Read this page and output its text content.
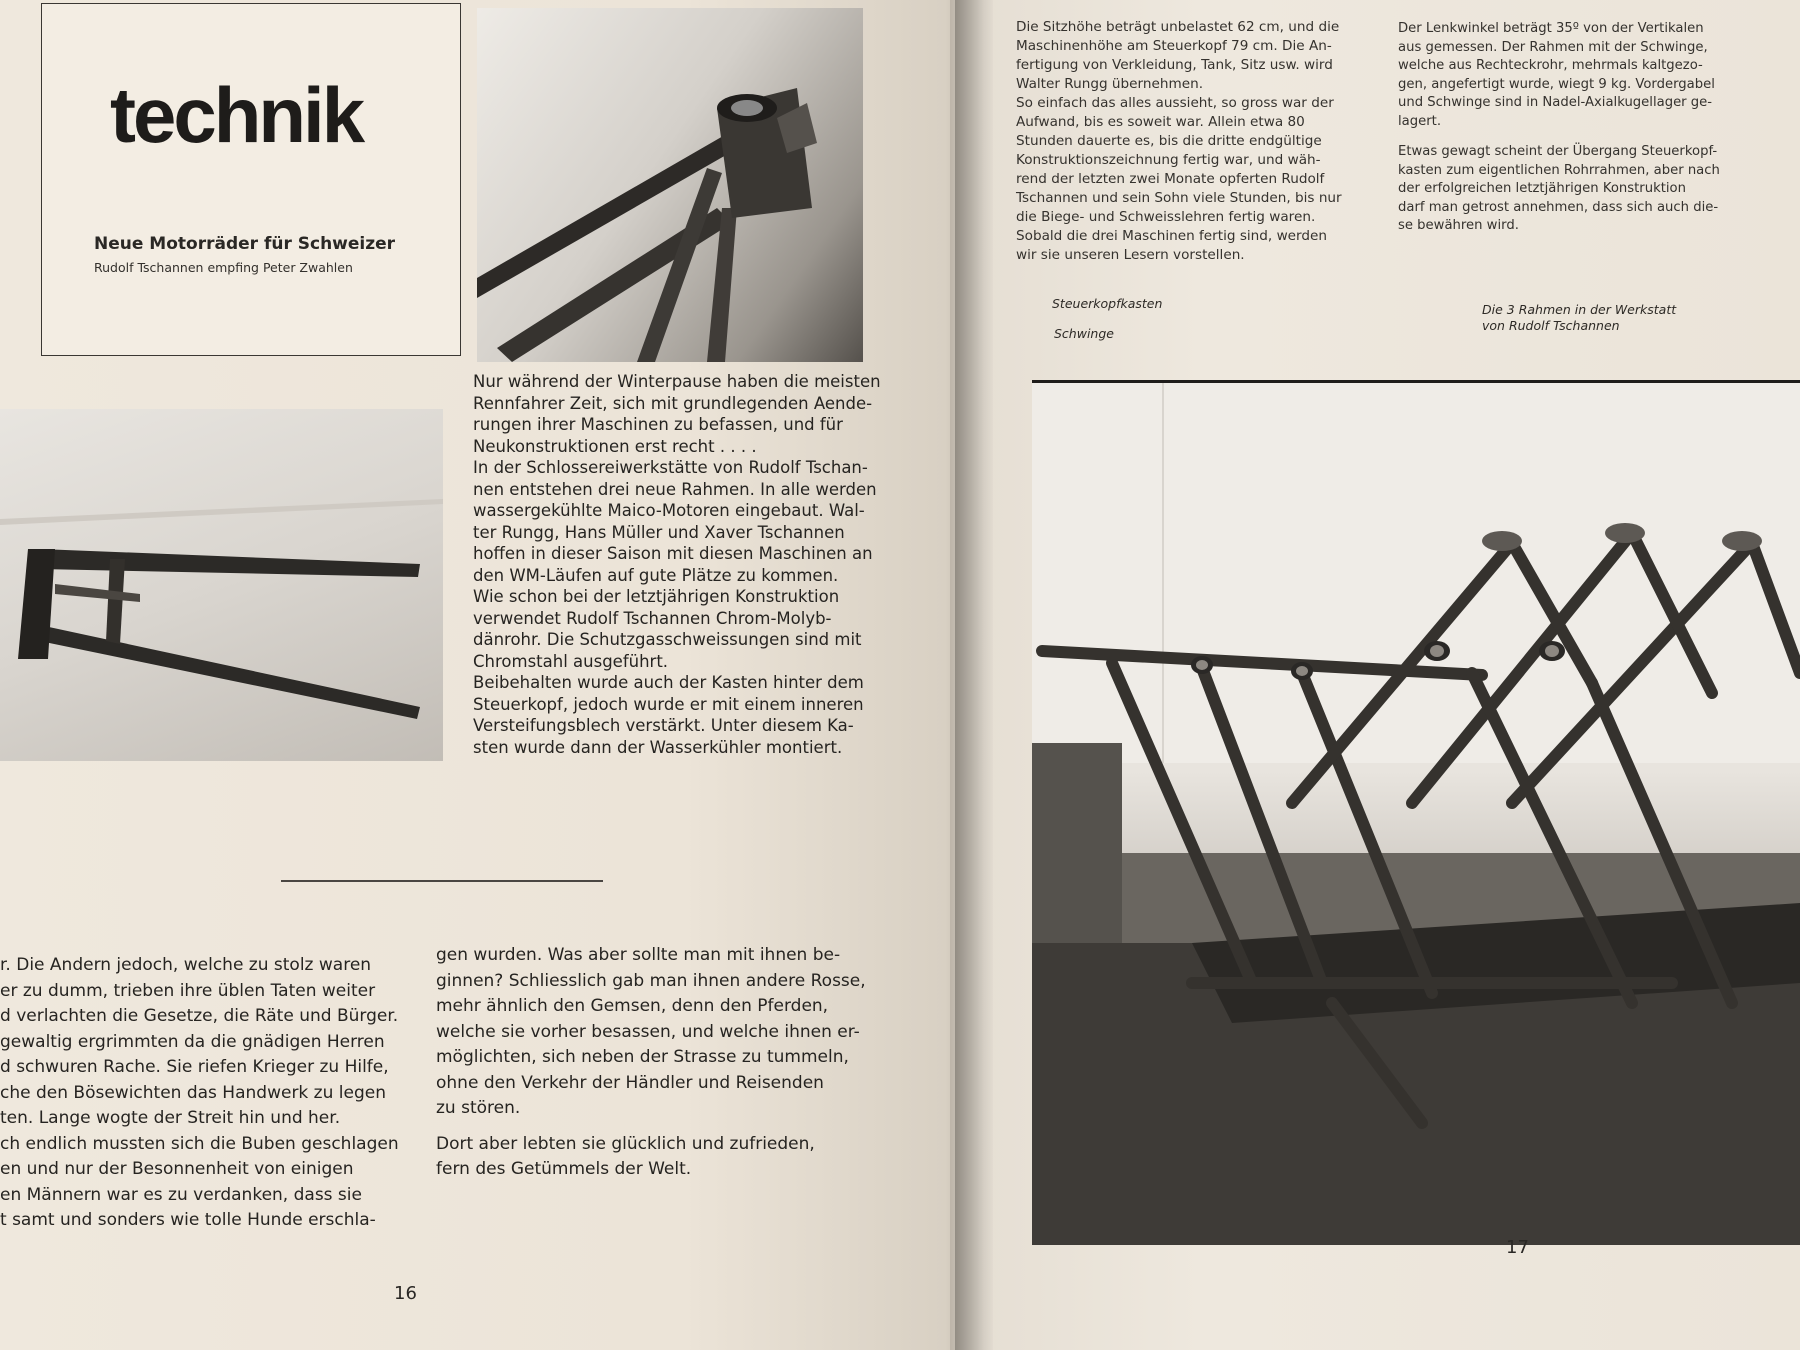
technik
Neue Motorräder für Schweizer
Rudolf Tschannen empfing Peter Zwahlen
Nur während der Winterpause haben die meisten
Rennfahrer Zeit, sich mit grundlegenden Aende-
rungen ihrer Maschinen zu befassen, und für
Neukonstruktionen erst recht . . . .
In der Schlossereiwerkstätte von Rudolf Tschan-
nen entstehen drei neue Rahmen. In alle werden
wassergekühlte Maico-Motoren eingebaut. Wal-
ter Rungg, Hans Müller und Xaver Tschannen
hoffen in dieser Saison mit diesen Maschinen an
den WM-Läufen auf gute Plätze zu kommen.
Wie schon bei der letztjährigen Konstruktion
verwendet Rudolf Tschannen Chrom-Molyb-
dänrohr. Die Schutzgasschweissungen sind mit
Chromstahl ausgeführt.
Beibehalten wurde auch der Kasten hinter dem
Steuerkopf, jedoch wurde er mit einem inneren
Versteifungsblech verstärkt. Unter diesem Ka-
sten wurde dann der Wasserkühler montiert.
r. Die Andern jedoch, welche zu stolz waren
er zu dumm, trieben ihre üblen Taten weiter
d verlachten die Gesetze, die Räte und Bürger.
gewaltig ergrimmten da die gnädigen Herren
d schwuren Rache. Sie riefen Krieger zu Hilfe,
che den Bösewichten das Handwerk zu legen
ten. Lange wogte der Streit hin und her.
ch endlich mussten sich die Buben geschlagen
en und nur der Besonnenheit von einigen
en Männern war es zu verdanken, dass sie
t samt und sonders wie tolle Hunde erschla-
gen wurden. Was aber sollte man mit ihnen be-
ginnen? Schliesslich gab man ihnen andere Rosse,
mehr ähnlich den Gemsen, denn den Pferden,
welche sie vorher besassen, und welche ihnen er-
möglichten, sich neben der Strasse zu tummeln,
ohne den Verkehr der Händler und Reisenden
zu stören.
Dort aber lebten sie glücklich und zufrieden,
fern des Getümmels der Welt.
16
Die Sitzhöhe beträgt unbelastet 62 cm, und die
Maschinenhöhe am Steuerkopf 79 cm. Die An-
fertigung von Verkleidung, Tank, Sitz usw. wird
Walter Rungg übernehmen.
So einfach das alles aussieht, so gross war der
Aufwand, bis es soweit war. Allein etwa 80
Stunden dauerte es, bis die dritte endgültige
Konstruktionszeichnung fertig war, und wäh-
rend der letzten zwei Monate opferten Rudolf
Tschannen und sein Sohn viele Stunden, bis nur
die Biege- und Schweisslehren fertig waren.
Sobald die drei Maschinen fertig sind, werden
wir sie unseren Lesern vorstellen.
Der Lenkwinkel beträgt 35º von der Vertikalen
aus gemessen. Der Rahmen mit der Schwinge,
welche aus Rechteckrohr, mehrmals kaltgezo-
gen, angefertigt wurde, wiegt 9 kg. Vordergabel
und Schwinge sind in Nadel-Axialkugellager ge-
lagert.
Etwas gewagt scheint der Übergang Steuerkopf-
kasten zum eigentlichen Rohrrahmen, aber nach
der erfolgreichen letztjährigen Konstruktion
darf man getrost annehmen, dass sich auch die-
se bewähren wird.
Steuerkopfkasten
Schwinge
Die 3 Rahmen in der Werkstatt
von Rudolf Tschannen
17
